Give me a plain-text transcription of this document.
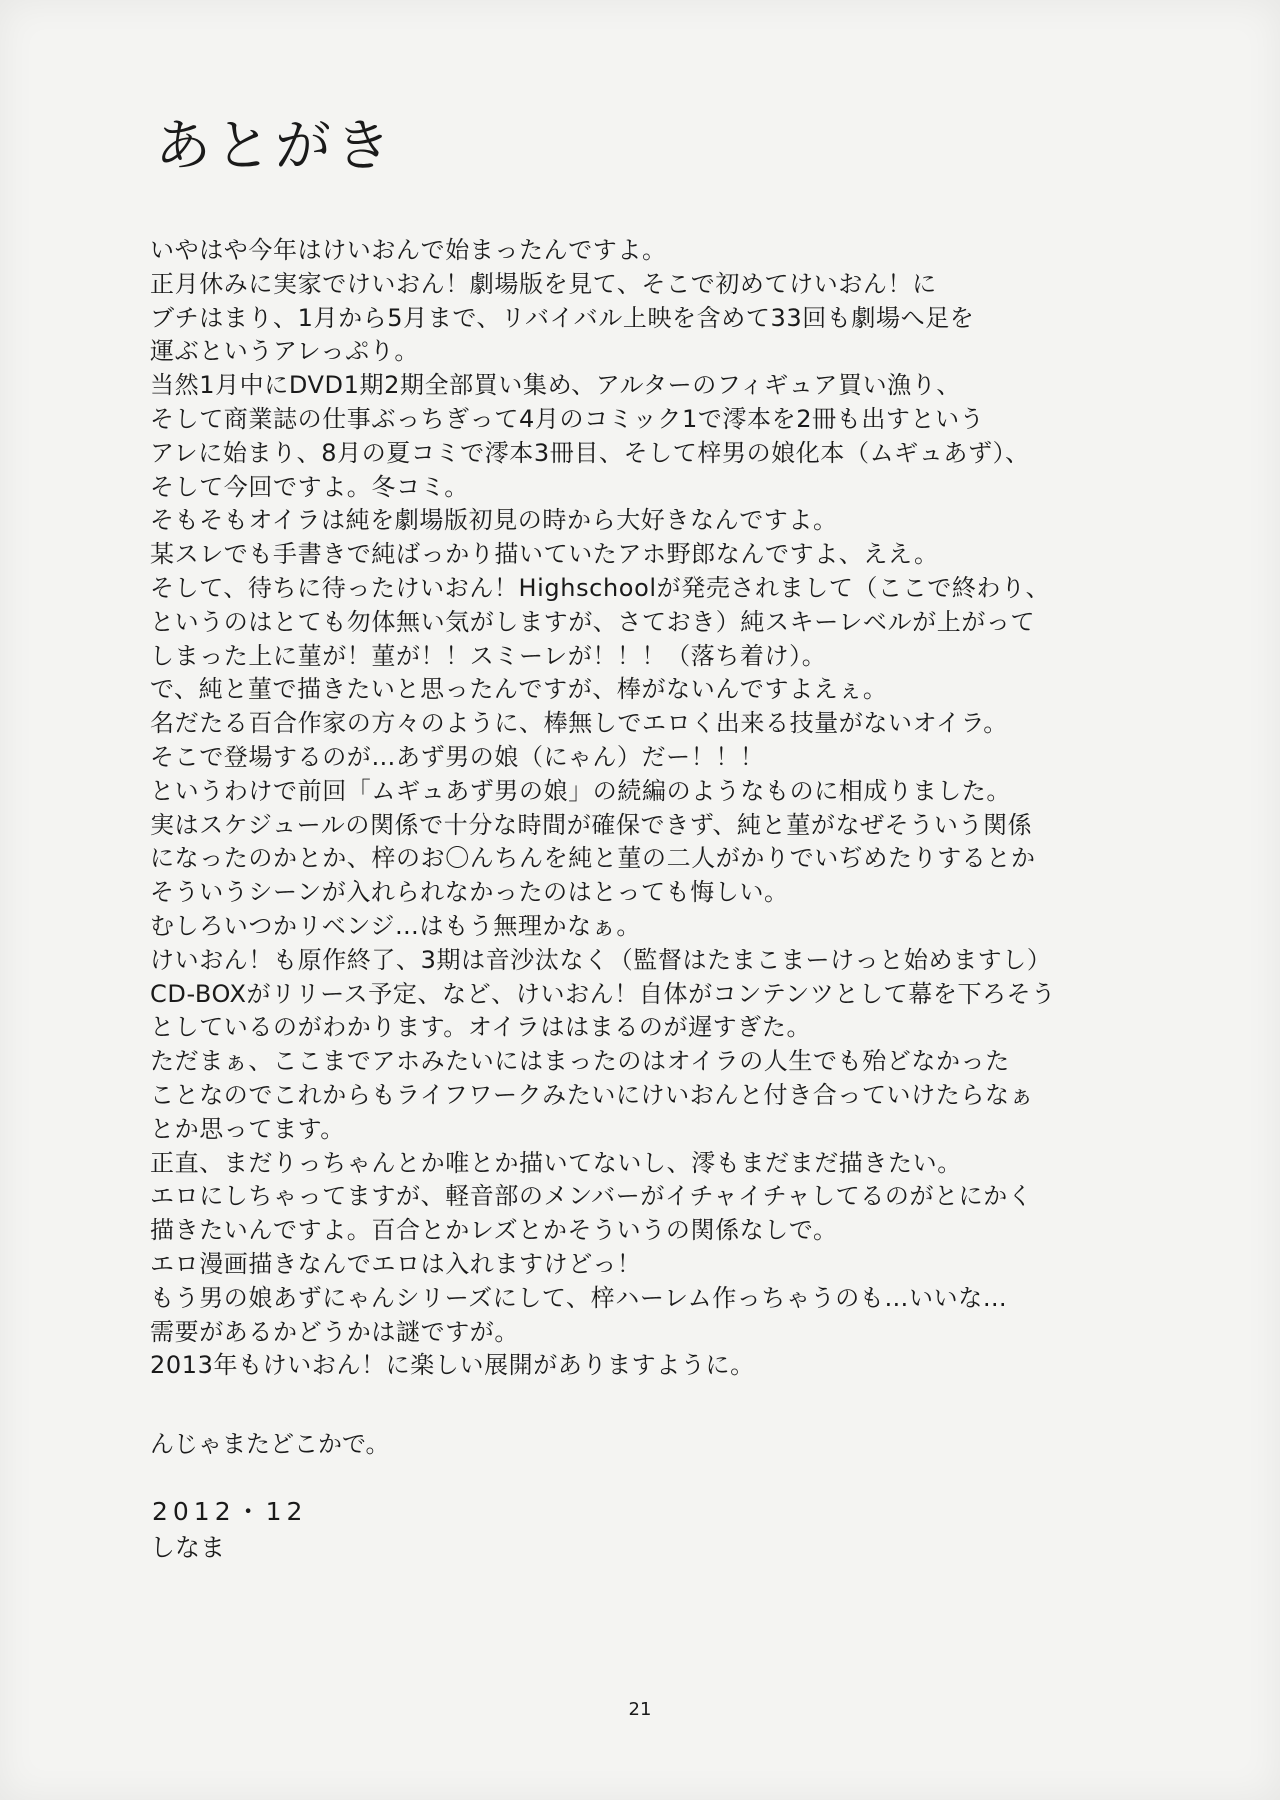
あとがき
いやはや今年はけいおんで始まったんですよ。
正月休みに実家でけいおん！劇場版を見て、そこで初めてけいおん！に
ブチはまり、1月から5月まで、リバイバル上映を含めて33回も劇場へ足を
運ぶというアレっぷり。
当然1月中にDVD1期2期全部買い集め、アルターのフィギュア買い漁り、
そして商業誌の仕事ぶっちぎって4月のコミック1で澪本を2冊も出すという
アレに始まり、8月の夏コミで澪本3冊目、そして梓男の娘化本（ムギュあず）、
そして今回ですよ。冬コミ。
そもそもオイラは純を劇場版初見の時から大好きなんですよ。
某スレでも手書きで純ばっかり描いていたアホ野郎なんですよ、ええ。
そして、待ちに待ったけいおん！Highschoolが発売されまして（ここで終わり、
というのはとても勿体無い気がしますが、さておき）純スキーレベルが上がって
しまった上に菫が！菫が！！スミーレが！！！（落ち着け）。
で、純と菫で描きたいと思ったんですが、棒がないんですよえぇ。
名だたる百合作家の方々のように、棒無しでエロく出来る技量がないオイラ。
そこで登場するのが…あず男の娘（にゃん）だー！！！
というわけで前回「ムギュあず男の娘」の続編のようなものに相成りました。
実はスケジュールの関係で十分な時間が確保できず、純と菫がなぜそういう関係
になったのかとか、梓のお〇んちんを純と菫の二人がかりでいぢめたりするとか
そういうシーンが入れられなかったのはとっても悔しい。
むしろいつかリベンジ…はもう無理かなぁ。
けいおん！も原作終了、3期は音沙汰なく（監督はたまこまーけっと始めますし）
CD-BOXがリリース予定、など、けいおん！自体がコンテンツとして幕を下ろそう
としているのがわかります。オイラははまるのが遅すぎた。
ただまぁ、ここまでアホみたいにはまったのはオイラの人生でも殆どなかった
ことなのでこれからもライフワークみたいにけいおんと付き合っていけたらなぁ
とか思ってます。
正直、まだりっちゃんとか唯とか描いてないし、澪もまだまだ描きたい。
エロにしちゃってますが、軽音部のメンバーがイチャイチャしてるのがとにかく
描きたいんですよ。百合とかレズとかそういうの関係なしで。
エロ漫画描きなんでエロは入れますけどっ！
もう男の娘あずにゃんシリーズにして、梓ハーレム作っちゃうのも…いいな…
需要があるかどうかは謎ですが。
2013年もけいおん！に楽しい展開がありますように。

んじゃまたどこかで。

2012・12

しなま

21
